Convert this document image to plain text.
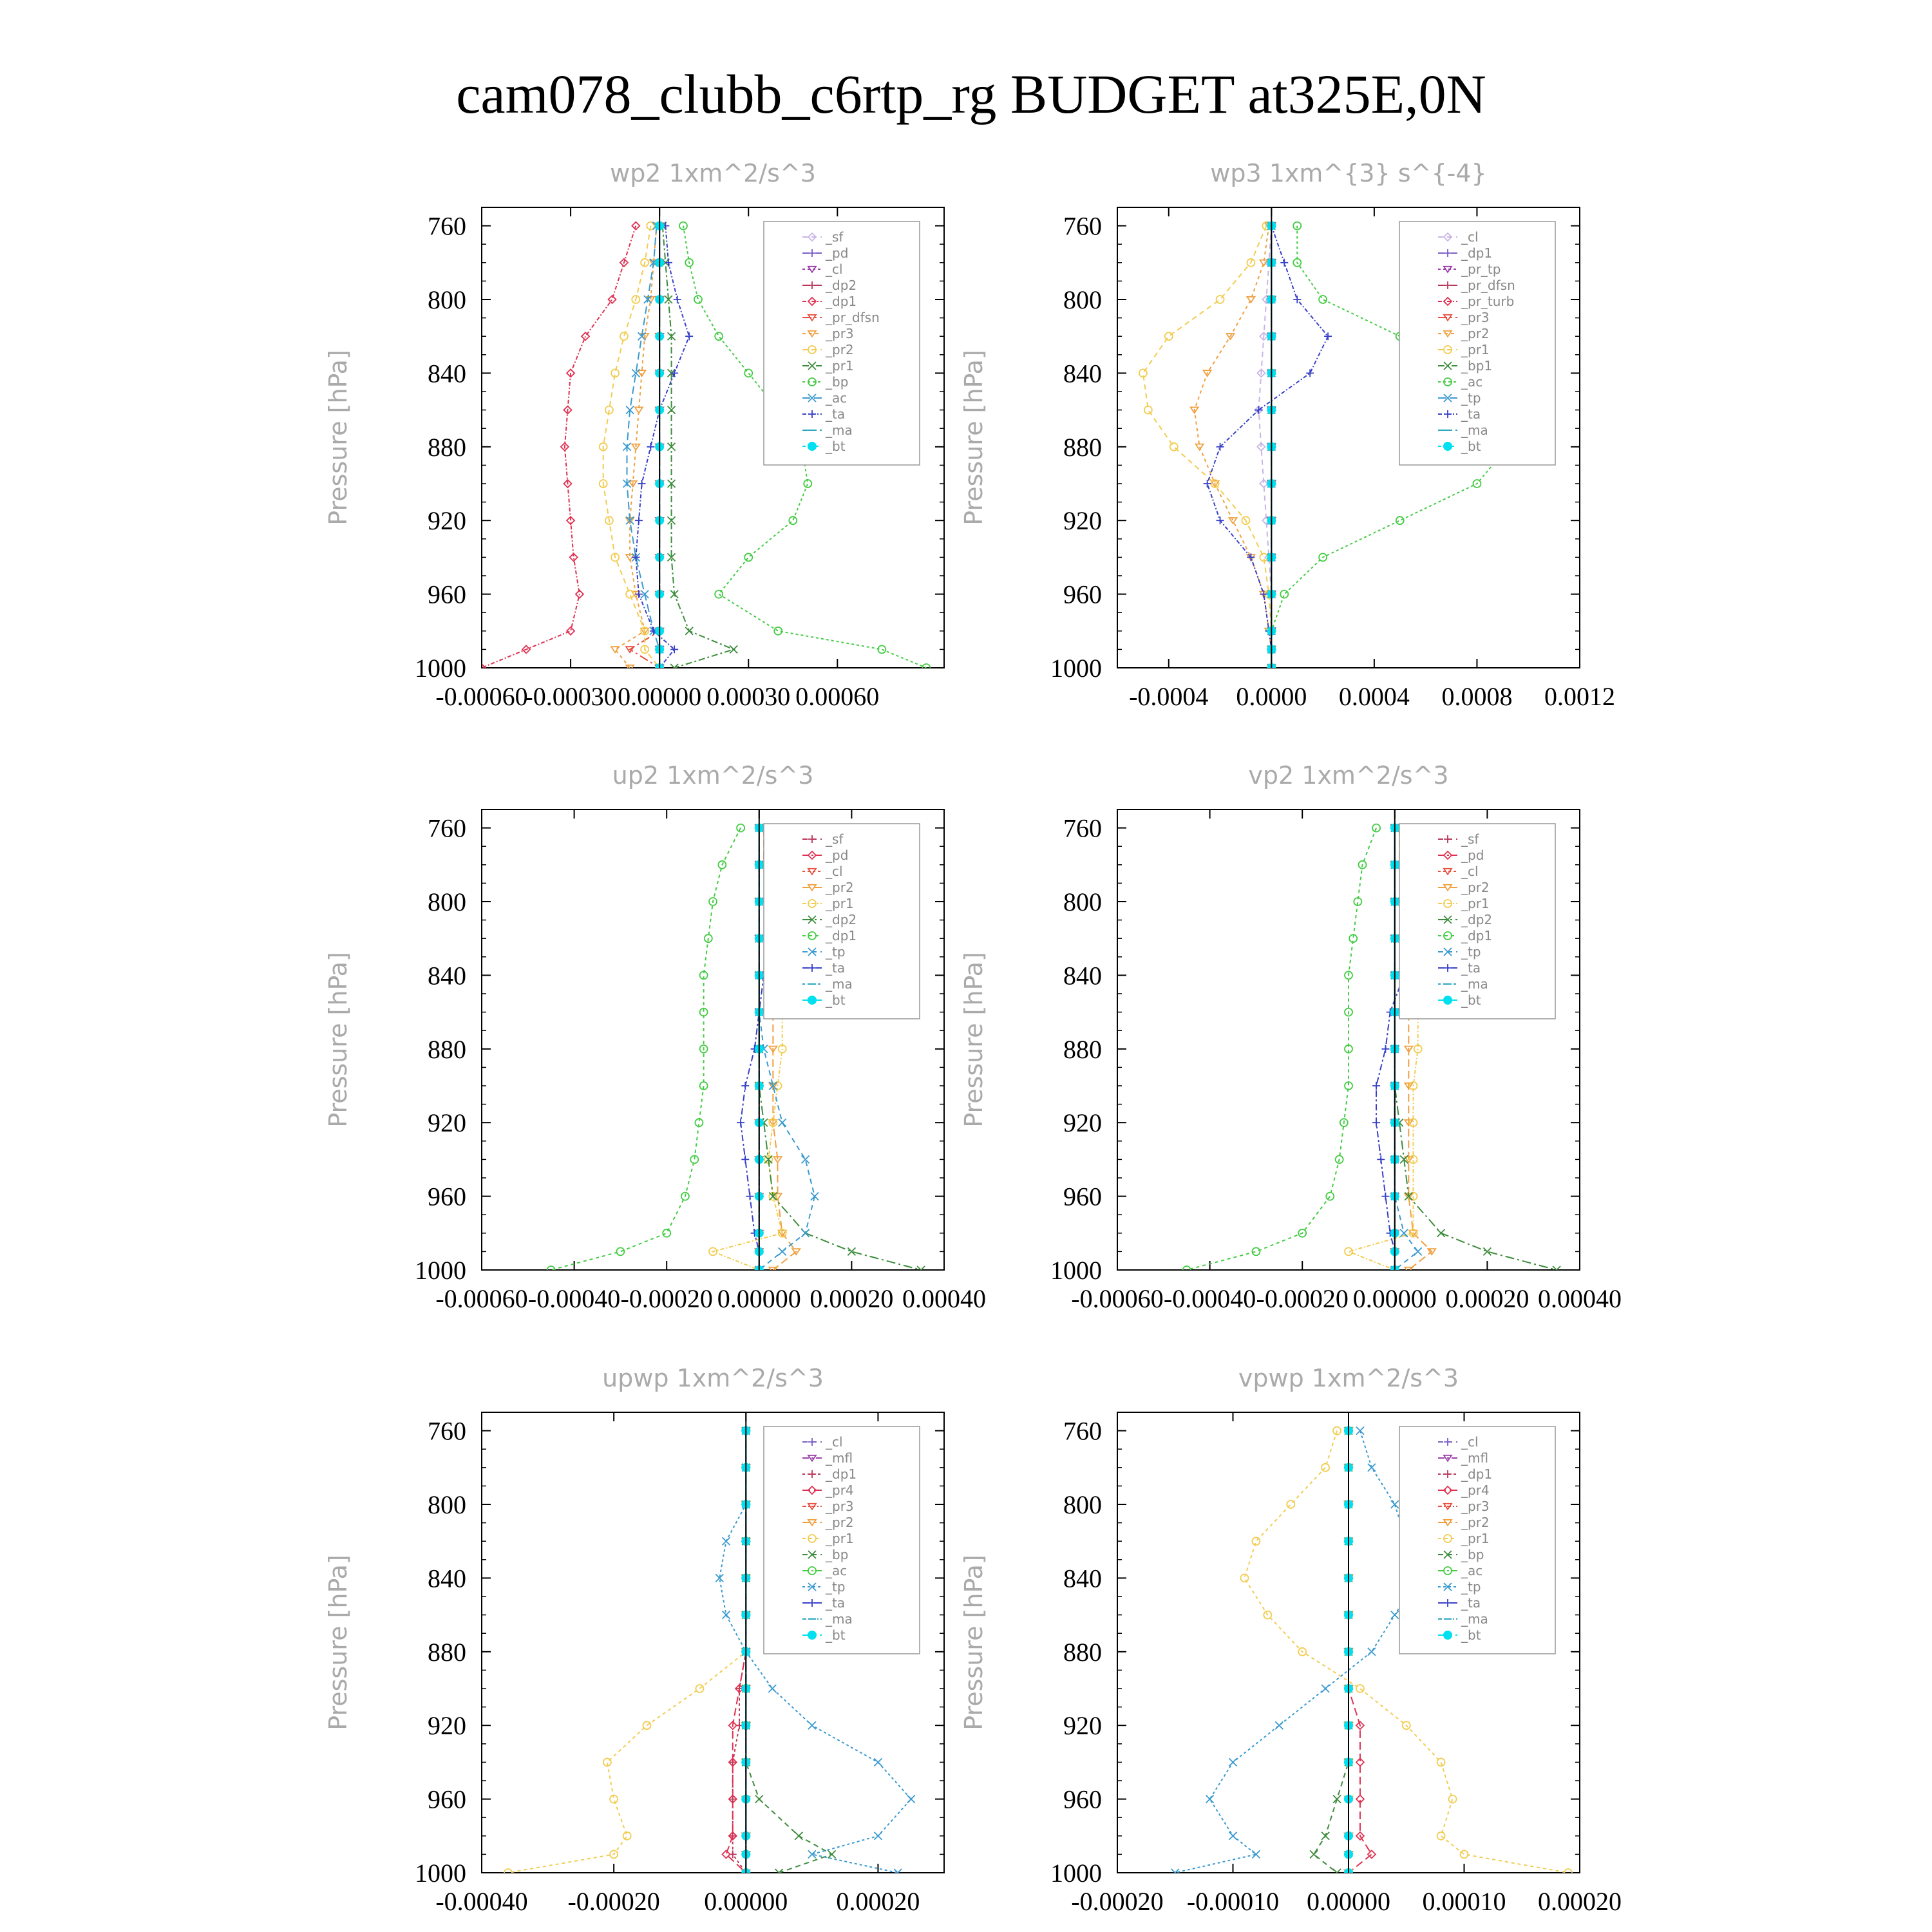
cam078_clubb_c6rtp_rg BUDGET at325E,0N
wp2 1xm^2/s^3
Pressure [hPa]
760
800
840
880
920
960
1000
-0.00060
-0.00030 0.00000 0.00030 0.00060
_sf
_pd
_cl
_dp2
_dp1
_pr_dfsn
_pr3
_pr2
_pr1
_bp
_ac
_ta
_ma
_bt
wp3 1xm^{3} s^{-4}
Pressure [hPa]
760
800
840
880
920
960
1000
-0.0004 0.0000 0.0004 0.0008 0.0012
_cl
_dp1
_pr_tp
_pr_dfsn
_pr_turb
_pr3
_pr2
_pr1
_bp1
_ac
_tp
_ta
_ma
_bt
up2 1xm^2/s^3
Pressure [hPa]
760
800
840
880
920
960
1000
-0.00060 -0.00040 -0.00020 0.00000 0.00020 0.00040
_sf
_pd
_cl
_pr2
_pr1
_dp2
_dp1
_tp
_ta
_ma
_bt
vp2 1xm^2/s^3
Pressure [hPa]
760
800
840
880
920
960
1000
-0.00060 -0.00040 -0.00020 0.00000 0.00020 0.00040
_sf
_pd
_cl
_pr2
_pr1
_dp2
_dp1
_tp
_ta
_ma
_bt
upwp 1xm^2/s^3
Pressure [hPa]
760
800
840
880
920
960
1000
-0.00040 -0.00020 0.00000 0.00020
_cl
_mfl
_dp1
_pr4
_pr3
_pr2
_pr1
_bp
_ac
_tp
_ta
_ma
_bt
vpwp 1xm^2/s^3
Pressure [hPa]
760
800
840
880
920
960
1000
-0.00020 -0.00010 0.00000 0.00010 0.00020
_cl
_mfl
_dp1
_pr4
_pr3
_pr2
_pr1
_bp
_ac
_tp
_ta
_ma
_bt
